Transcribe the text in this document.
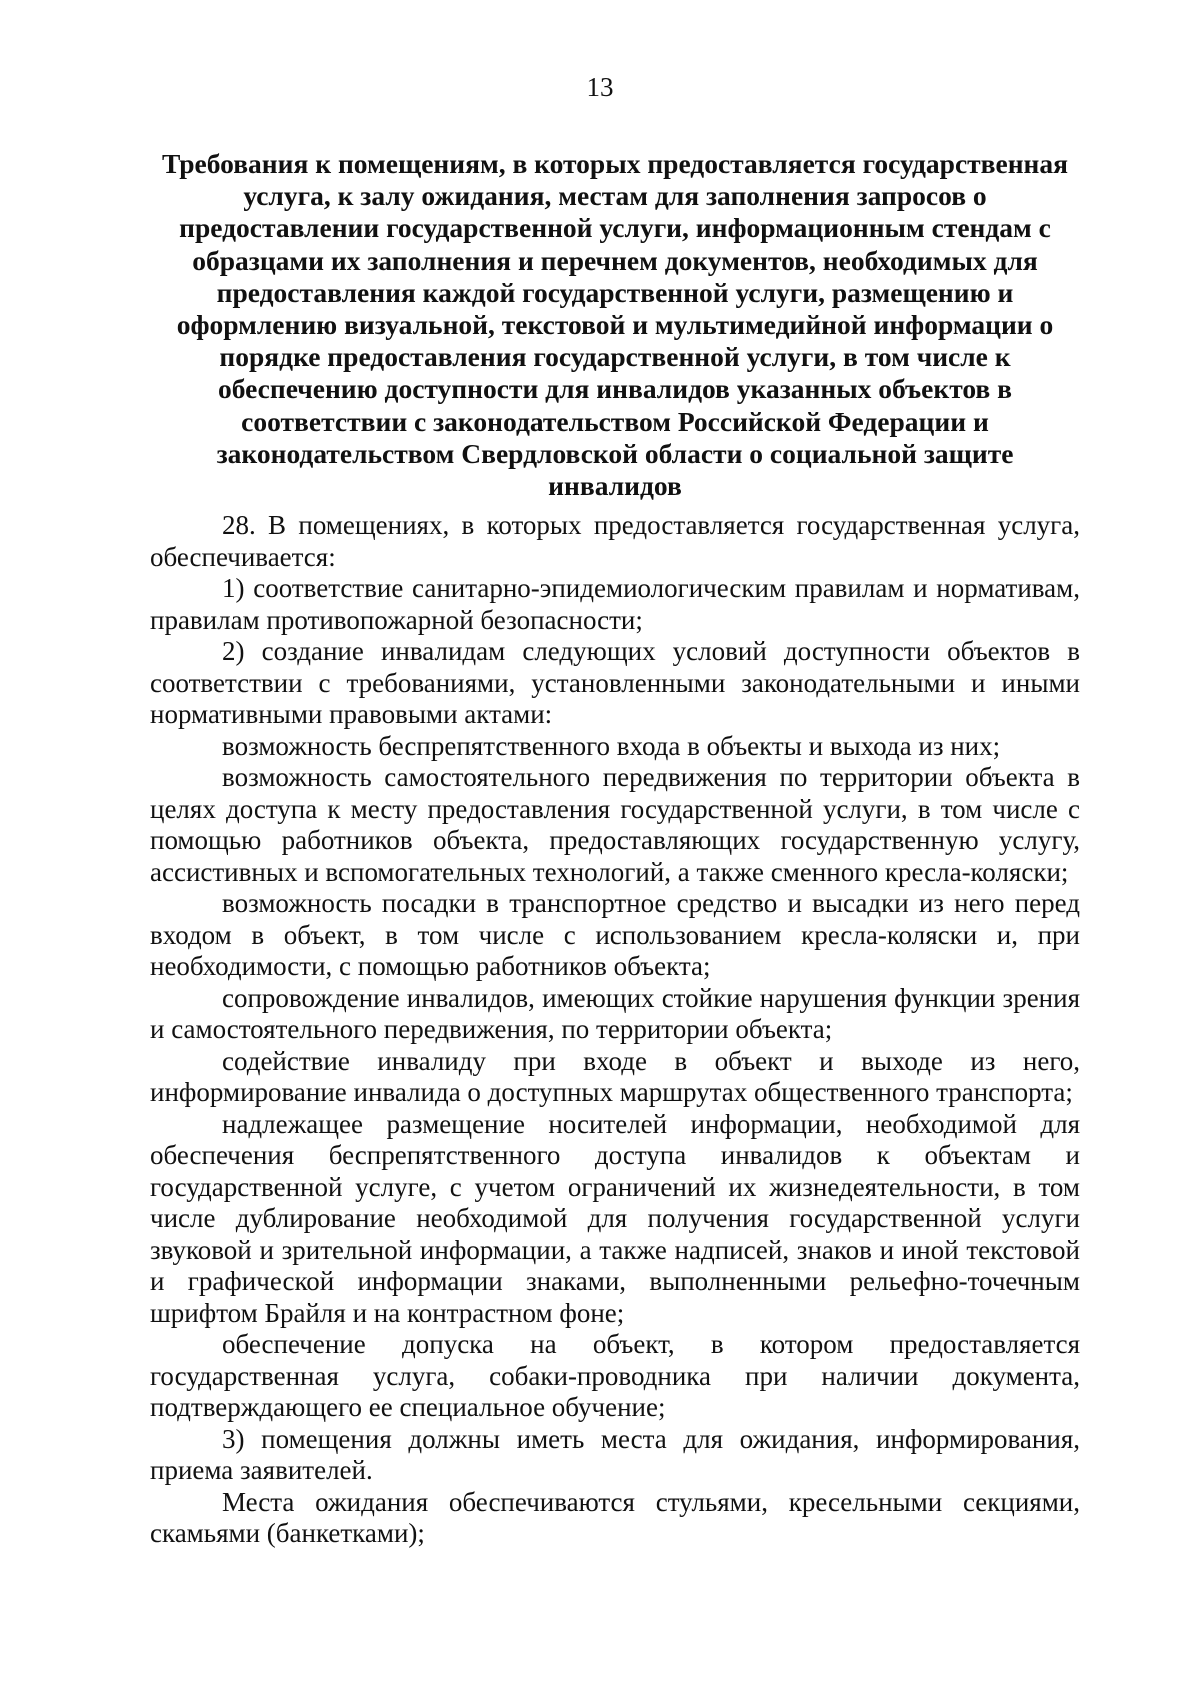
13
Требования к помещениям, в которых предоставляется государственная услуга, к залу ожидания, местам для заполнения запросов о предоставлении государственной услуги, информационным стендам с образцами их заполнения и перечнем документов, необходимых для предоставления каждой государственной услуги, размещению и оформлению визуальной, текстовой и мультимедийной информации о порядке предоставления государственной услуги, в том числе к обеспечению доступности для инвалидов указанных объектов в соответствии с законодательством Российской Федерации и законодательством Свердловской области о социальной защите инвалидов

28. В помещениях, в которых предоставляется государственная услуга, обеспечивается:

1) соответствие санитарно-эпидемиологическим правилам и нормативам, правилам противопожарной безопасности;

2) создание инвалидам следующих условий доступности объектов в соответствии с требованиями, установленными законодательными и иными нормативными правовыми актами:

возможность беспрепятственного входа в объекты и выхода из них;

возможность самостоятельного передвижения по территории объекта в целях доступа к месту предоставления государственной услуги, в том числе с помощью работников объекта, предоставляющих государственную услугу, ассистивных и вспомогательных технологий, а также сменного кресла-коляски;

возможность посадки в транспортное средство и высадки из него перед входом в объект, в том числе с использованием кресла-коляски и, при необходимости, с помощью работников объекта;

сопровождение инвалидов, имеющих стойкие нарушения функции зрения и самостоятельного передвижения, по территории объекта;

содействие инвалиду при входе в объект и выходе из него, информирование инвалида о доступных маршрутах общественного транспорта;

надлежащее размещение носителей информации, необходимой для обеспечения беспрепятственного доступа инвалидов к объектам и государственной услуге, с учетом ограничений их жизнедеятельности, в том числе дублирование необходимой для получения государственной услуги звуковой и зрительной информации, а также надписей, знаков и иной текстовой и графической информации знаками, выполненными рельефно-точечным шрифтом Брайля и на контрастном фоне;

обеспечение допуска на объект, в котором предоставляется государственная услуга, собаки-проводника при наличии документа, подтверждающего ее специальное обучение;

3) помещения должны иметь места для ожидания, информирования, приема заявителей.

Места ожидания обеспечиваются стульями, кресельными секциями, скамьями (банкетками);
